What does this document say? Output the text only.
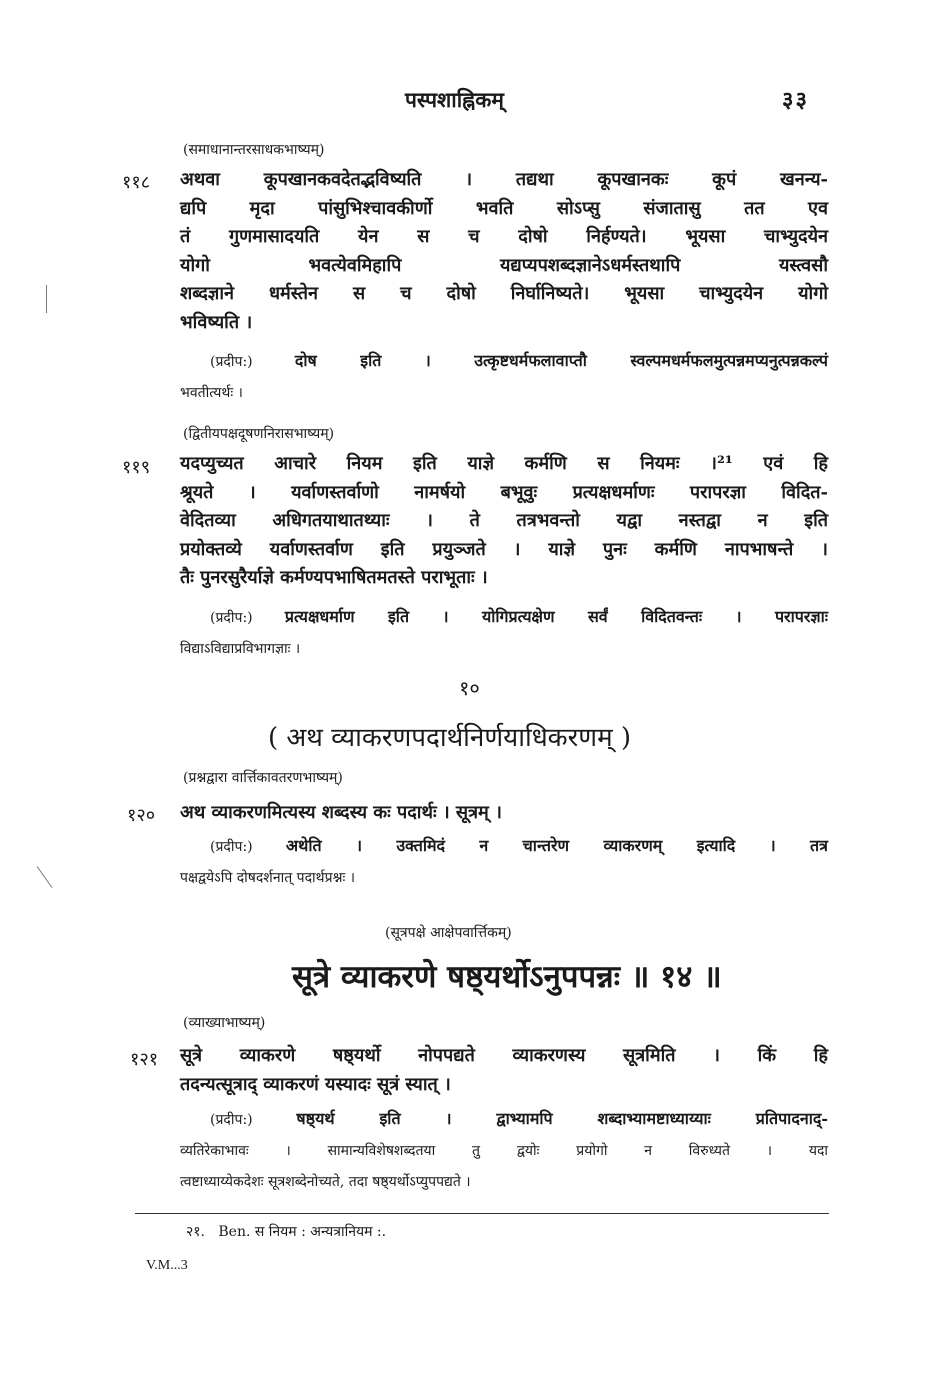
पस्पशाह्निकम्	३३
(समाधानान्तरसाधकभाष्यम्)
११८ अथवा कूपखानकवदेतद्भविष्यति । तद्यथा कूपखानकः कूपं खनन्य-
द्यपि मृदा पांसुभिश्चावकीर्णो भवति सोऽप्सु संजातासु तत एव
तं गुणमासादयति येन स च दोषो निर्हण्यते। भूयसा चाभ्युदयेन
योगो भवत्येवमिहापि यद्यप्यपशब्दज्ञानेऽधर्मस्तथापि यस्त्वसौ
शब्दज्ञाने धर्मस्तेन स च दोषो निर्घानिष्यते। भूयसा चाभ्युदयेन योगो
भविष्यति ।
(प्रदीप:)	दोष इति । उत्कृष्टधर्मफलावाप्तौ स्वल्पमधर्मफलमुत्पन्नमप्यनुत्पन्नकल्पं
भवतीत्यर्थः ।
(द्वितीयपक्षदूषणनिरासभाष्यम्)
११९ यदप्युच्यत आचारे नियम इति याज्ञे कर्मणि स नियमः ।²¹ एवं हि
श्रूयते । यर्वाणस्तर्वाणो नामर्षयो बभूवुः प्रत्यक्षधर्माणः परापरज्ञा विदित-
वेदितव्या अधिगतयाथातथ्याः । ते तत्रभवन्तो यद्वा नस्तद्वा न इति
प्रयोक्तव्ये यर्वाणस्तर्वाण इति प्रयुञ्जते । याज्ञे पुनः कर्मणि नापभाषन्ते ।
तैः पुनरसुरैर्याज्ञे कर्मण्यपभाषितमतस्ते पराभूताः ।
(प्रदीप:) प्रत्यक्षधर्माण इति । योगिप्रत्यक्षेण सर्वं विदितवन्तः । परापरज्ञाः
विद्याऽविद्याप्रविभागज्ञाः ।
१०
( अथ व्याकरणपदार्थनिर्णयाधिकरणम् )
(प्रश्नद्वारा वार्त्तिकावतरणभाष्यम्)
१२० अथ व्याकरणमित्यस्य शब्दस्य कः पदार्थः । सूत्रम् ।
(प्रदीप:) अथेति । उक्तमिदं न चान्तरेण व्याकरणम् इत्यादि । तत्र
पक्षद्वयेऽपि दोषदर्शनात् पदार्थप्रश्नः ।
(सूत्रपक्षे आक्षेपवार्त्तिकम्)
सूत्रे व्याकरणे षष्ठ्यर्थोऽनुपपन्नः ॥ १४ ॥
(व्याख्याभाष्यम्)
१२१ सूत्रे व्याकरणे षष्ठ्यर्थो नोपपद्यते व्याकरणस्य सूत्रमिति । किं हि
तदन्यत्सूत्राद् व्याकरणं यस्यादः सूत्रं स्यात् ।
(प्रदीप:)	षष्ठ्यर्थ इति । द्वाभ्यामपि शब्दाभ्यामष्टाध्याय्याः प्रतिपादनाद्-
व्यतिरेकाभावः । सामान्यविशेषशब्दतया तु द्वयोः प्रयोगो न विरुध्यते । यदा
त्वष्टाध्याय्येकदेशः सूत्रशब्देनोच्यते, तदा षष्ठ्यर्थोऽप्युपपद्यते ।
२१. Ben. स नियम : अन्यत्रानियम :.
V.M...3
